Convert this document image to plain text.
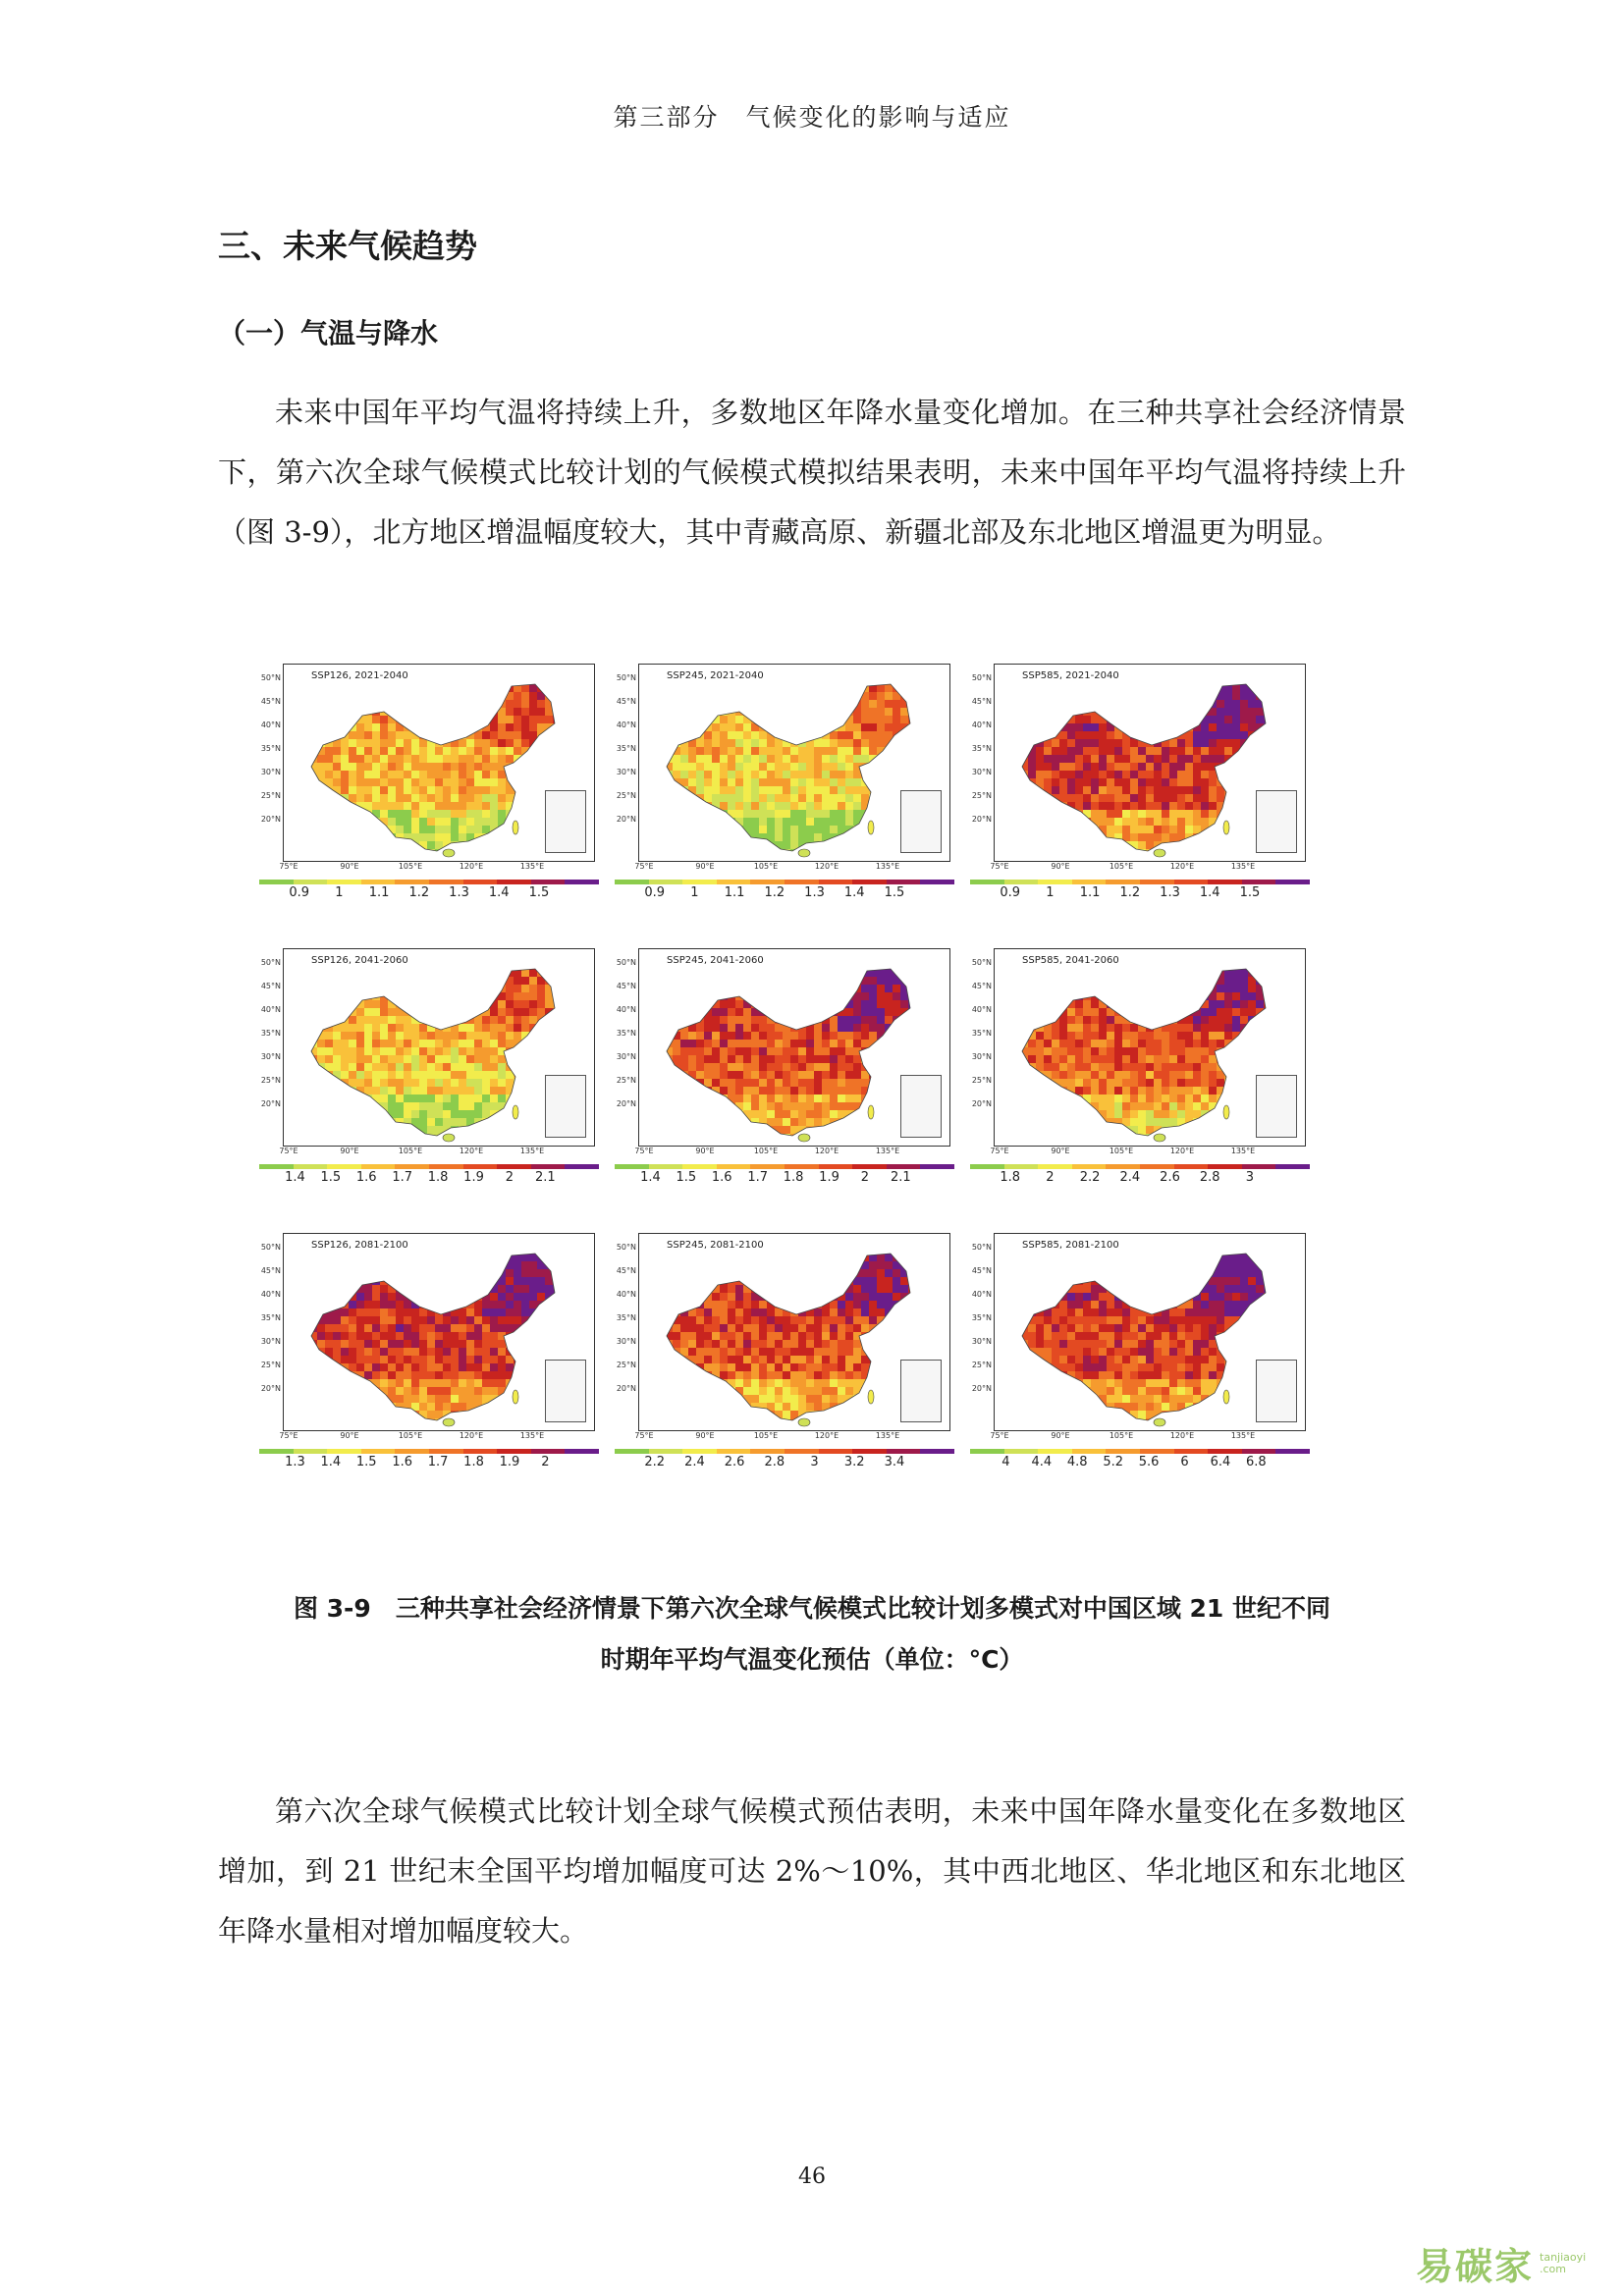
第三部分　气候变化的影响与适应
三、未来气候趋势
（一）气温与降水

未来中国年平均气温将持续上升，多数地区年降水量变化增加。在三种共享社会经济情景下，第六次全球气候模式比较计划的气候模式模拟结果表明，未来中国年平均气温将持续上升（图 3-9），北方地区增温幅度较大，其中青藏高原、新疆北部及东北地区增温更为明显。

SSP126, 2021-2040
50°N
45°N
40°N
35°N
30°N
25°N
20°N
75°E	90°E	105°E	120°E	135°E
0.9	1	1.1	1.2	1.3	1.4	1.5
SSP245, 2021-2040
50°N
45°N
40°N
35°N
30°N
25°N
20°N
75°E	90°E	105°E	120°E	135°E
0.9	1	1.1	1.2	1.3	1.4	1.5
SSP585, 2021-2040
50°N
45°N
40°N
35°N
30°N
25°N
20°N
75°E	90°E	105°E	120°E	135°E
0.9	1	1.1	1.2	1.3	1.4	1.5
SSP126, 2041-2060
50°N
45°N
40°N
35°N
30°N
25°N
20°N
75°E	90°E	105°E	120°E	135°E
1.4	1.5	1.6	1.7	1.8	1.9	2	2.1
SSP245, 2041-2060
50°N
45°N
40°N
35°N
30°N
25°N
20°N
75°E	90°E	105°E	120°E	135°E
1.4	1.5	1.6	1.7	1.8	1.9	2	2.1
SSP585, 2041-2060
50°N
45°N
40°N
35°N
30°N
25°N
20°N
75°E	90°E	105°E	120°E	135°E
1.8	2	2.2	2.4	2.6	2.8	3
SSP126, 2081-2100
50°N
45°N
40°N
35°N
30°N
25°N
20°N
75°E	90°E	105°E	120°E	135°E
1.3	1.4	1.5	1.6	1.7	1.8	1.9	2
SSP245, 2081-2100
50°N
45°N
40°N
35°N
30°N
25°N
20°N
75°E	90°E	105°E	120°E	135°E
2.2	2.4	2.6	2.8	3	3.2	3.4
SSP585, 2081-2100
50°N
45°N
40°N
35°N
30°N
25°N
20°N
75°E	90°E	105°E	120°E	135°E
4	4.4	4.8	5.2	5.6	6	6.4	6.8

图 3-9　三种共享社会经济情景下第六次全球气候模式比较计划多模式对中国区域 21 世纪不同
时期年平均气温变化预估（单位：°C）

第六次全球气候模式比较计划全球气候模式预估表明，未来中国年降水量变化在多数地区增加，到 21 世纪末全国平均增加幅度可达 2%～10%，其中西北地区、华北地区和东北地区年降水量相对增加幅度较大。

46
易碳家 tanjiaoyi
.com
